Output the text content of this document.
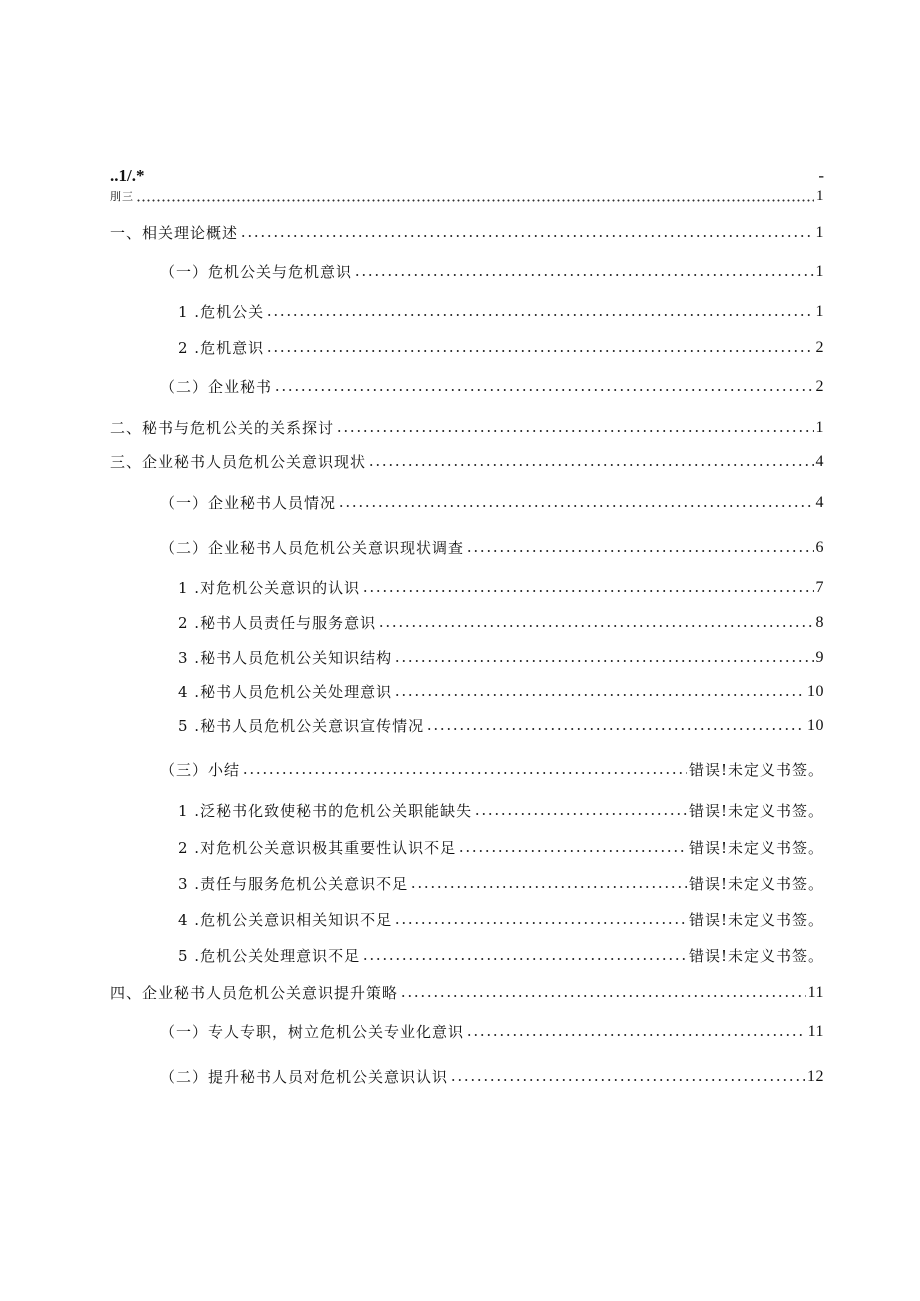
..1/.*	-
刖三	1
一、相关理论概述	1
（一）危机公关与危机意识	1
1 .危机公关	1
2 .危机意识	2
（二）企业秘书	2
二、秘书与危机公关的关系探讨	1
三、企业秘书人员危机公关意识现状	4
（一）企业秘书人员情况	4
（二）企业秘书人员危机公关意识现状调查	6
1 .对危机公关意识的认识	7
2 .秘书人员责任与服务意识	8
3 .秘书人员危机公关知识结构	9
4 .秘书人员危机公关处理意识	10
5 .秘书人员危机公关意识宣传情况	10
（三）小结	错误!未定义书签。
1 .泛秘书化致使秘书的危机公关职能缺失	错误!未定义书签。
2 .对危机公关意识极其重要性认识不足	错误!未定义书签。
3 .责任与服务危机公关意识不足	错误!未定义书签。
4 .危机公关意识相关知识不足	错误!未定义书签。
5 .危机公关处理意识不足	错误!未定义书签。
四、企业秘书人员危机公关意识提升策略	11
（一）专人专职，树立危机公关专业化意识	11
（二）提升秘书人员对危机公关意识认识	12
